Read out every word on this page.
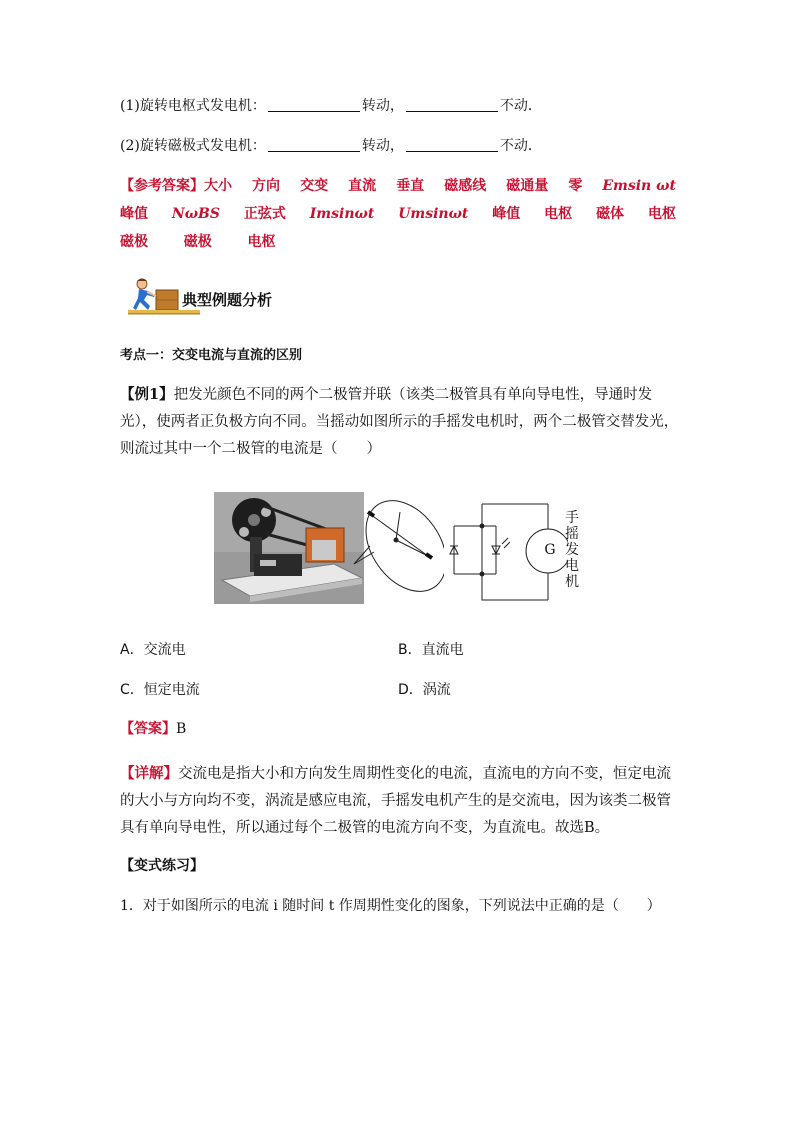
(1)旋转电枢式发电机：	转动，	不动．
(2)旋转磁极式发电机：	转动，	不动．
【参考答案】大小 方向 交变 直流 垂直 磁感线 磁通量 零 Emsin ωt
峰值 NωBS 正弦式 Imsinωt Umsinωt 峰值 电枢 磁体 电枢
磁极	磁极	电枢
典型例题分析
考点一：交变电流与直流的区别
【例1】把发光颜色不同的两个二极管并联（该类二极管具有单向导电性，导通时发光），使两者正负极方向不同。当摇动如图所示的手摇发电机时，两个二极管交替发光，则流过其中一个二极管的电流是（　　）
G
手摇发电机
A．交流电	B．直流电
C．恒定电流	D．涡流
【答案】B
【详解】交流电是指大小和方向发生周期性变化的电流，直流电的方向不变，恒定电流的大小与方向均不变，涡流是感应电流，手摇发电机产生的是交流电，因为该类二极管具有单向导电性，所以通过每个二极管的电流方向不变，为直流电。故选B。
【变式练习】
1．对于如图所示的电流 i 随时间 t 作周期性变化的图象，下列说法中正确的是（　　）
